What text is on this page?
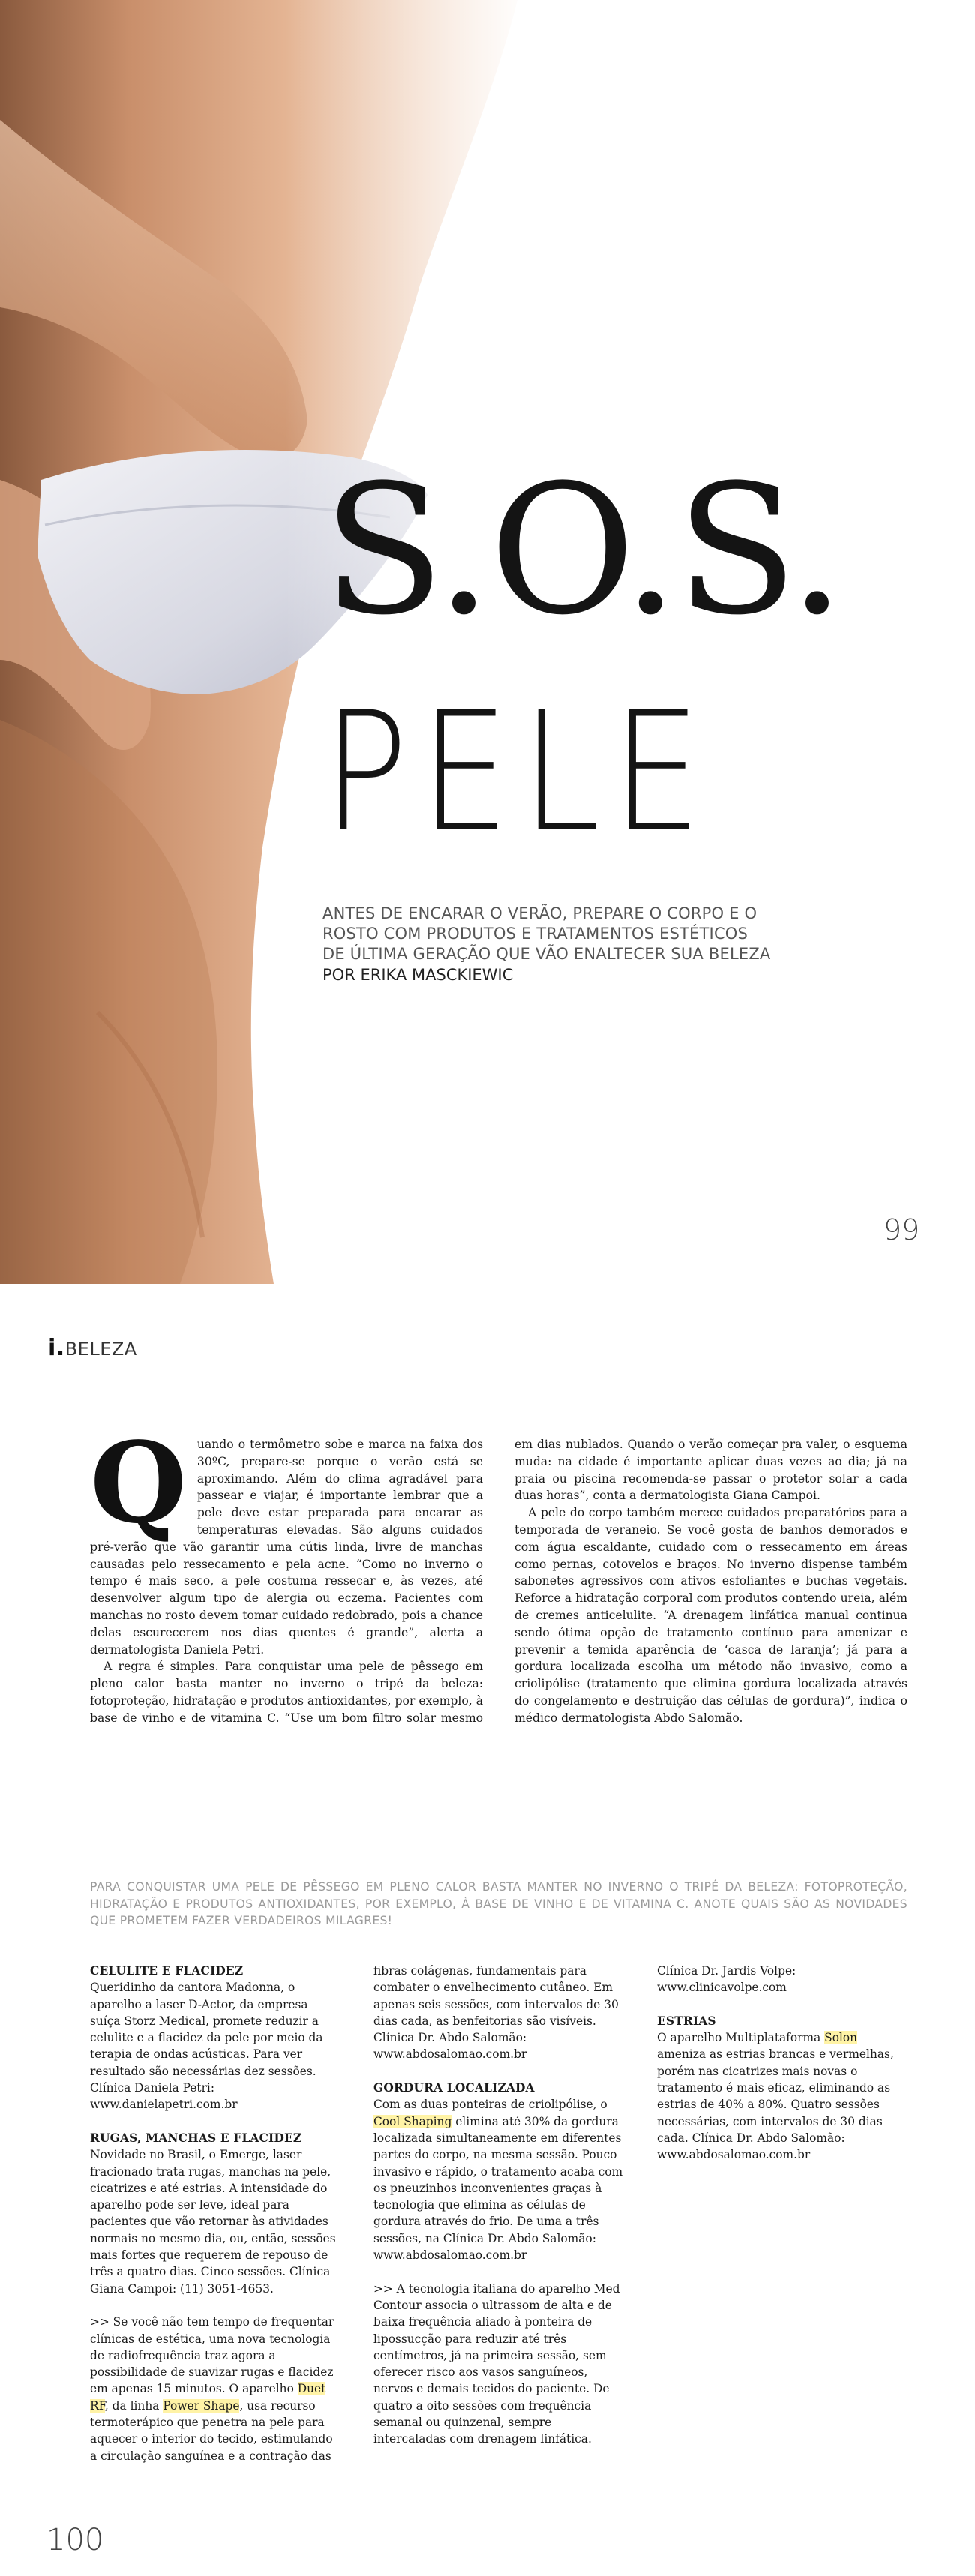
S.O.S.
PELE
ANTES DE ENCARAR O VERÃO, PREPARE O CORPO E O
ROSTO COM PRODUTOS E TRATAMENTOS ESTÉTICOS
DE ÚLTIMA GERAÇÃO QUE VÃO ENALTECER SUA BELEZA
POR ERIKA MASCKIEWIC
99
i.BELEZA

Quando o termômetro sobe e marca na faixa dos 30ºC, prepare-se porque o verão está se aproximando. Além do clima agradável para passear e viajar, é importante lembrar que a pele deve estar preparada para encarar as temperaturas elevadas. São alguns cuidados pré-verão que vão garantir uma cútis linda, livre de manchas causadas pelo ressecamento e pela acne. “Como no inverno o tempo é mais seco, a pele costuma ressecar e, às vezes, até desenvolver algum tipo de alergia ou eczema. Pacientes com manchas no rosto devem tomar cuidado redobrado, pois a chance delas escurecerem nos dias quentes é grande”, alerta a dermatologista Daniela Petri.

A regra é simples. Para conquistar uma pele de pêssego em pleno calor basta manter no inverno o tripé da beleza: fotoproteção, hidratação e produtos antioxidantes, por exemplo, à base de vinho e de vitamina C. “Use um bom filtro solar mesmo em dias nublados. Quando o verão começar pra valer, o esquema muda: na cidade é importante aplicar duas vezes ao dia; já na praia ou piscina recomenda-se passar o protetor solar a cada duas horas”, conta a dermatologista Giana Campoi.

A pele do corpo também merece cuidados preparatórios para a temporada de veraneio. Se você gosta de banhos demorados e com água escaldante, cuidado com o ressecamento em áreas como pernas, cotovelos e braços. No inverno dispense também sabonetes agressivos com ativos esfoliantes e buchas vegetais. Reforce a hidratação corporal com produtos contendo ureia, além de cremes anticelulite. “A drenagem linfática manual continua sendo ótima opção de tratamento contínuo para amenizar e prevenir a temida aparência de ‘casca de laranja’; já para a gordura localizada escolha um método não invasivo, como a criolipólise (tratamento que elimina gordura localizada através do congelamento e destruição das células de gordura)”, indica o médico dermatologista Abdo Salomão.

PARA CONQUISTAR UMA PELE DE PÊSSEGO EM PLENO CALOR BASTA MANTER NO INVERNO O TRIPÉ DA BELEZA: FOTOPROTEÇÃO, HIDRATAÇÃO E PRODUTOS ANTIOXIDANTES, POR EXEMPLO, À BASE DE VINHO E DE VITAMINA C. ANOTE QUAIS SÃO AS NOVIDADES QUE PROMETEM FAZER VERDADEIROS MILAGRES!
CELULITE E FLACIDEZ

Queridinho da cantora Madonna, o aparelho a laser D-Actor, da empresa suíça Storz Medical, promete reduzir a celulite e a flacidez da pele por meio da terapia de ondas acústicas. Para ver resultado são necessárias dez sessões. Clínica Daniela Petri: www.danielapetri.com.br

RUGAS, MANCHAS E FLACIDEZ

Novidade no Brasil, o Emerge, laser fracionado trata rugas, manchas na pele, cicatrizes e até estrias. A intensidade do aparelho pode ser leve, ideal para pacientes que vão retornar às atividades normais no mesmo dia, ou, então, sessões mais fortes que requerem de repouso de três a quatro dias. Cinco sessões. Clínica Giana Campoi: (11) 3051-4653.

>> Se você não tem tempo de frequentar clínicas de estética, uma nova tecnologia de radiofrequência traz agora a possibilidade de suavizar rugas e flacidez em apenas 15 minutos. O aparelho Duet RF, da linha Power Shape, usa recurso termoterápico que penetra na pele para aquecer o interior do tecido, estimulando a circulação sanguínea e a contração das fibras colágenas, fundamentais para combater o envelhecimento cutâneo. Em apenas seis sessões, com intervalos de 30 dias cada, as benfeitorias são visíveis. Clínica Dr. Abdo Salomão: www.abdosalomao.com.br

GORDURA LOCALIZADA

Com as duas ponteiras de criolipólise, o Cool Shaping elimina até 30% da gordura localizada simultaneamente em diferentes partes do corpo, na mesma sessão. Pouco invasivo e rápido, o tratamento acaba com os pneuzinhos inconvenientes graças à tecnologia que elimina as células de gordura através do frio. De uma a três sessões, na Clínica Dr. Abdo Salomão: www.abdosalomao.com.br

>> A tecnologia italiana do aparelho Med Contour associa o ultrassom de alta e de baixa frequência aliado à ponteira de lipossucção para reduzir até três centímetros, já na primeira sessão, sem oferecer risco aos vasos sanguíneos, nervos e demais tecidos do paciente. De quatro a oito sessões com frequência semanal ou quinzenal, sempre intercaladas com drenagem linfática. Clínica Dr. Jardis Volpe: www.clinicavolpe.com

ESTRIAS

O aparelho Multiplataforma Solon ameniza as estrias brancas e vermelhas, porém nas cicatrizes mais novas o tratamento é mais eficaz, eliminando as estrias de 40% a 80%. Quatro sessões necessárias, com intervalos de 30 dias cada. Clínica Dr. Abdo Salomão: www.abdosalomao.com.br

100
